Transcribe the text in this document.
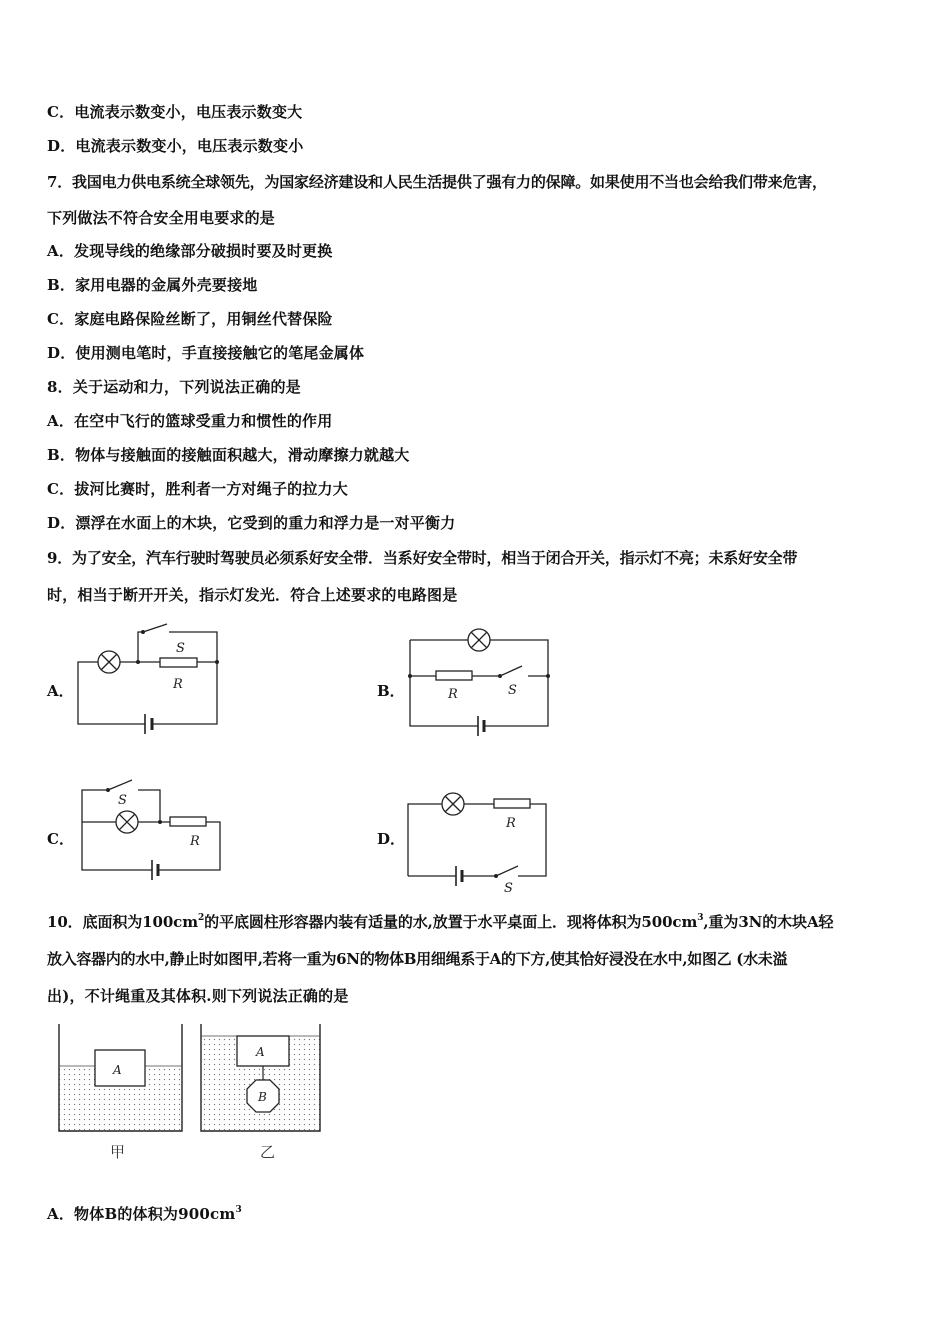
C．电流表示数变小，电压表示数变大
D．电流表示数变小，电压表示数变小
7．我国电力供电系统全球领先，为国家经济建设和人民生活提供了强有力的保障。如果使用不当也会给我们带来危害，
下列做法不符合安全用电要求的是
A．发现导线的绝缘部分破损时要及时更换
B．家用电器的金属外壳要接地
C．家庭电路保险丝断了，用铜丝代替保险
D．使用测电笔时，手直接接触它的笔尾金属体
8．关于运动和力，下列说法正确的是
A．在空中飞行的篮球受重力和惯性的作用
B．物体与接触面的接触面积越大，滑动摩擦力就越大
C．拔河比赛时，胜利者一方对绳子的拉力大
D．漂浮在水面上的木块，它受到的重力和浮力是一对平衡力
9．为了安全，汽车行驶时驾驶员必须系好安全带．当系好安全带时，相当于闭合开关，指示灯不亮；未系好安全带
时，相当于断开开关，指示灯发光．符合上述要求的电路图是
A．
S
R	B．	R	S
C．
S
R	D．
R
S
10．底面积为$100cm^2$的平底圆柱形容器内装有适量的水,放置于水平桌面上．现将体积为$500cm^3$,重为3N的木块A轻
放入容器内的水中,静止时如图甲,若将一重为6N的物体B用细绳系于A的下方,使其恰好浸没在水中,如图乙 (水未溢
出)，不计绳重及其体积.则下列说法正确的是
A
甲
A
B
乙
A．物体B的体积为$900cm^3$
